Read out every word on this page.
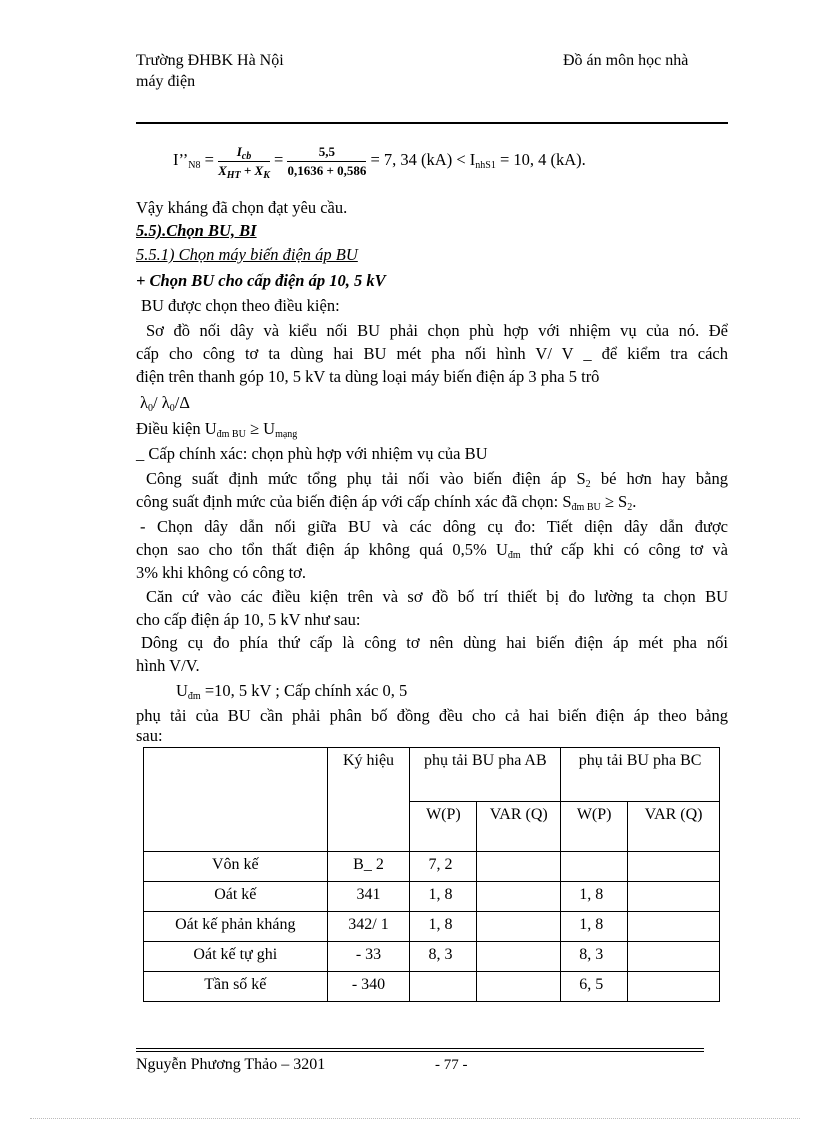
Trường ĐHBK Hà Nội	Đồ án môn học nhà
máy điện
$I’’_{N8} = \frac{I_{cb}}{X_{HT} + X_K} = \frac{5,5}{0,1636 + 0,586} = 7$, 34 $(kA) < I_{nhS1} = 10$, 4 (kA).
Vậy kháng đã chọn đạt yêu cầu.
5.5).Chọn BU, BI
5.5.1) Chọn máy biến điện áp BU
+ Chọn BU cho cấp điện áp 10, 5 kV
BU được chọn theo điều kiện:
Sơ đồ nối dây và kiểu nối BU phải chọn phù hợp với nhiệm vụ của nó. Để
cấp cho công tơ ta dùng hai BU mét pha nối hình V/ V _ để kiểm tra cách
điện trên thanh góp 10, 5 kV ta dùng loại máy biến điện áp 3 pha 5 trô
$\lambda_0/$ $\lambda_0/\Delta$
Điều kiện $U_{đm BU} \ge U_{mạng}$
_ Cấp chính xác: chọn phù hợp với nhiệm vụ của BU
Công suất định mức tổng phụ tải nối vào biến điện áp $S_2$ bé hơn hay bằng
công suất định mức của biến điện áp với cấp chính xác đã chọn: $S_{đm BU} \ge S_2$.
- Chọn dây dẫn nối giữa BU và các dông cụ đo: Tiết diện dây dẫn được
chọn sao cho tổn thất điện áp không quá 0,5% $U_{đm}$ thứ cấp khi có công tơ và
3% khi không có công tơ.
Căn cứ vào các điều kiện trên và sơ đồ bố trí thiết bị đo lường ta chọn BU
cho cấp điện áp 10, 5 kV như sau:
Dông cụ đo phía thứ cấp là công tơ nên dùng hai biến điện áp mét pha nối
hình V/V.
$U_{đm} =10$, 5 kV ; Cấp chính xác 0, 5
phụ tải của BU cần phải phân bố đồng đều cho cả hai biến điện áp theo bảng
sau:
	Ký hiệu	phụ tải BU pha AB		phụ tải BU pha BC	
		W(P)	VAR (Q)	W(P)	VAR (Q)
Vôn kế	B_ 2	7, 2			
Oát kế	341	1, 8		1, 8	
Oát kế phản kháng	342/ 1	1, 8		1, 8	
Oát kế tự ghi	- 33	8, 3		8, 3	
Tần số kế	- 340			6, 5	
Nguyễn Phương Thảo – 3201	- 77 -
